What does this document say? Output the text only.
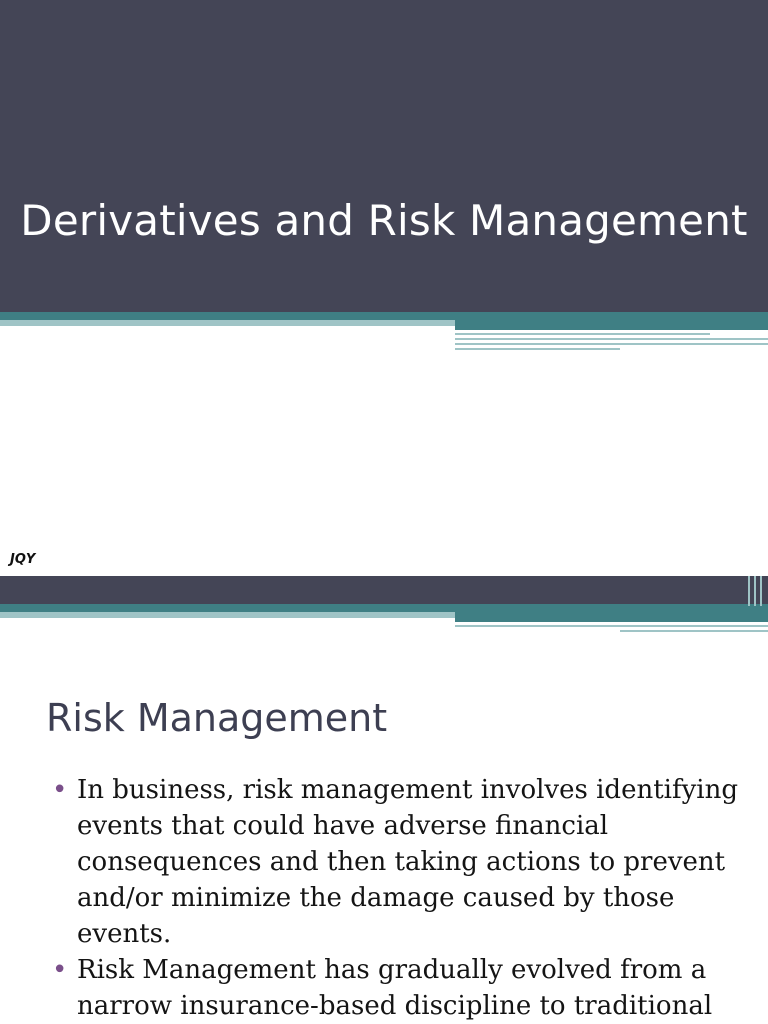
Derivatives and Risk Management
JQY
Risk Management
• In business, risk management involves identifying events that could have adverse financial consequences and then taking actions to prevent and/or minimize the damage caused by those events.
• Risk Management has gradually evolved from a narrow insurance-based discipline to traditional
